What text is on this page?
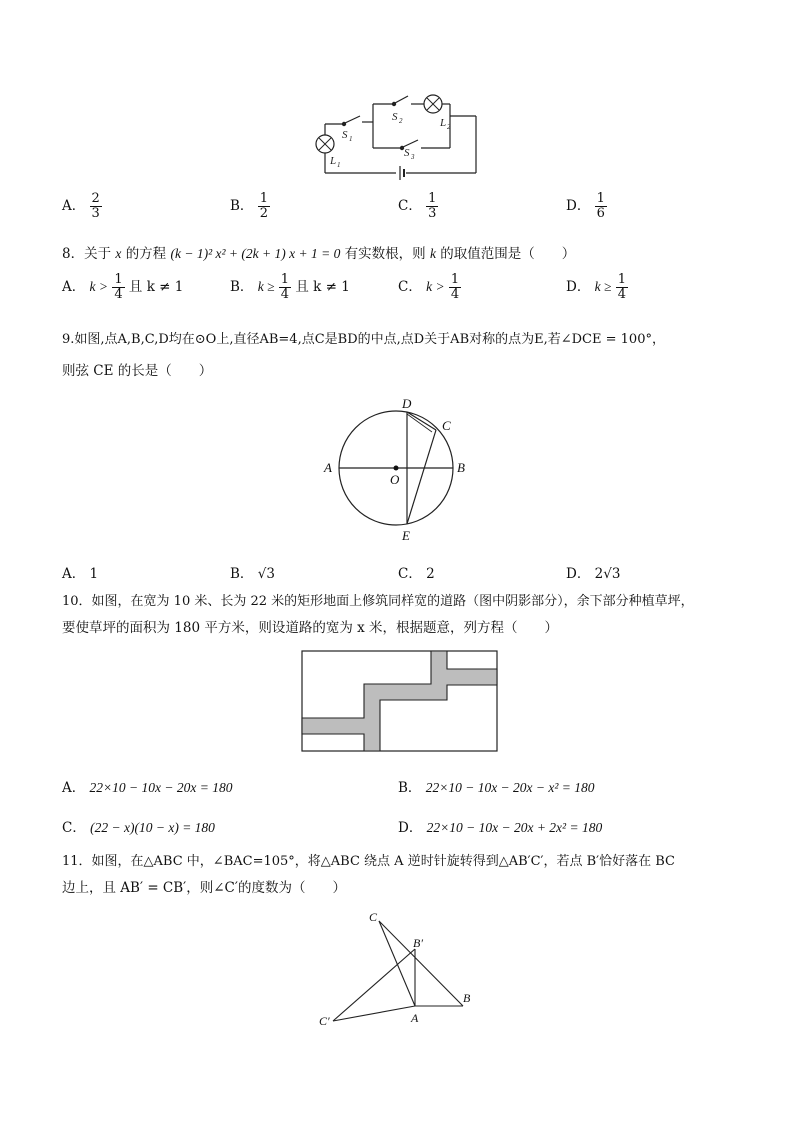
S 1
S 2
S 3
L 1
L 2
A． $\frac{2}{3}$	B． $\frac{1}{2}$	C． $\frac{1}{3}$	D． $\frac{1}{6}$
8．关于 x 的方程 (k − 1)² x² + (2k + 1) x + 1 = 0 有实数根，则 k 的取值范围是（　　）
A． $k > \frac{1}{4}$ 且 k ≠ 1	B． $k \ge \frac{1}{4}$ 且 k ≠ 1	C． $k > \frac{1}{4}$	D． $k \ge \frac{1}{4}$
9.如图,点A,B,C,D均在⊙O上,直径AB=4,点C是BD的中点,点D关于AB对称的点为E,若∠DCE = 100°，
则弦 CE 的长是（　　）
A	B
C
D
E
O
A． 1	B． √3	C． 2	D． 2√3
10．如图，在宽为 10 米、长为 22 米的矩形地面上修筑同样宽的道路（图中阴影部分），余下部分种植草坪，
要使草坪的面积为 180 平方米，则设道路的宽为 x 米，根据题意，列方程（　　）
A． 22×10 − 10x − 20x = 180	B． 22×10 − 10x − 20x − x² = 180
C． (22 − x)(10 − x) = 180	D． 22×10 − 10x − 20x + 2x² = 180
11．如图，在△ABC 中，∠BAC=105°，将△ABC 绕点 A 逆时针旋转得到△AB′C′，若点 B′恰好落在 BC
边上，且 AB′ = CB′，则∠C′的度数为（　　）
C
B′
B
C′	A
